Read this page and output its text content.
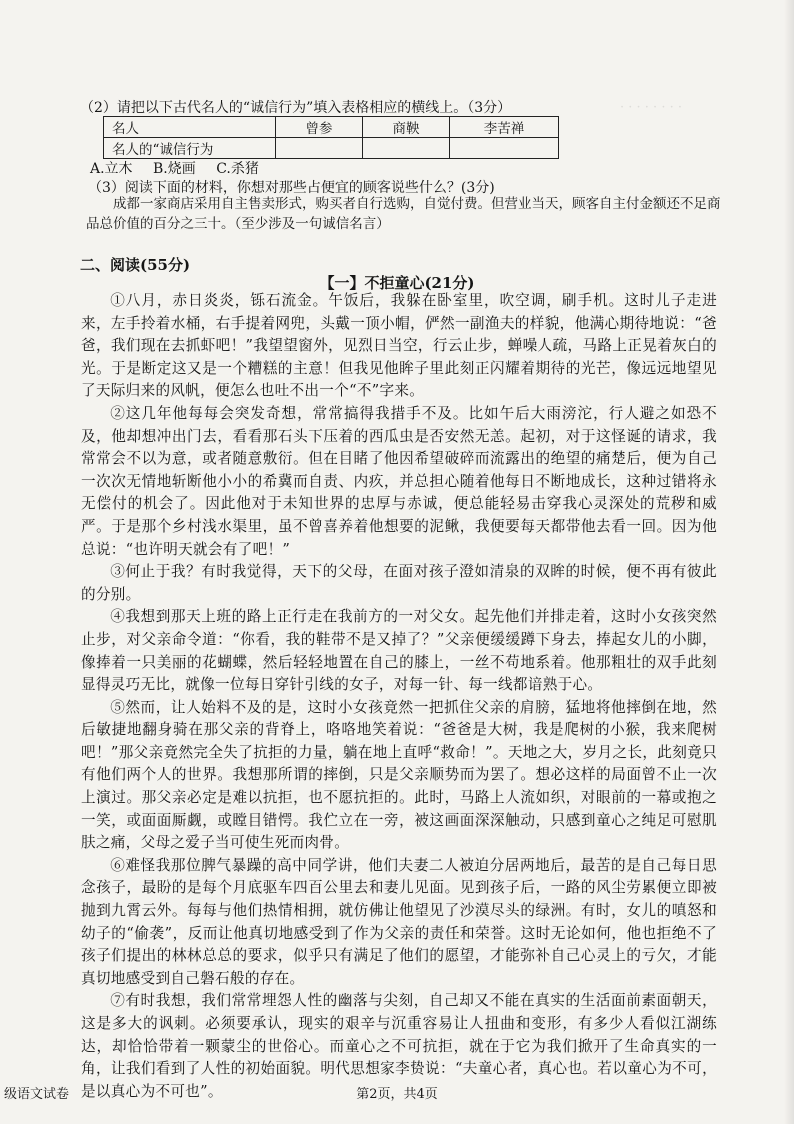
· · · · · · · ·
（2）请把以下古代名人的“诚信行为”填入表格相应的横线上。（3分）
名人	曾参	商鞅	李苦禅
名人的“诚信行为			
A.立木 B.烧画 C.杀猪
（3）阅读下面的材料，你想对那些占便宜的顾客说些什么？(3分)
成都一家商店采用自主售卖形式，购买者自行选购，自觉付费。但营业当天，顾客自主付金额还不足商品总价值的百分之三十。（至少涉及一句诚信名言）
二、阅读(55分)
【一】不拒童心(21分)

①八月，赤日炎炎，铄石流金。午饭后，我躲在卧室里，吹空调，刷手机。这时儿子走进来，左手拎着水桶，右手提着网兜，头戴一顶小帽，俨然一副渔夫的样貌，他满心期待地说：“爸爸，我们现在去抓虾吧！”我望望窗外，见烈日当空，行云止步，蝉噪人疏，马路上正晃着灰白的光。于是断定这又是一个糟糕的主意！但我见他眸子里此刻正闪耀着期待的光芒，像远远地望见了天际归来的风帆，便怎么也吐不出一个“不”字来。

②这几年他每每会突发奇想，常常搞得我措手不及。比如午后大雨滂沱，行人避之如恐不及，他却想冲出门去，看看那石头下压着的西瓜虫是否安然无恙。起初，对于这怪诞的请求，我常常会不以为意，或者随意敷衍。但在目睹了他因希望破碎而流露出的绝望的痛楚后，便为自己一次次无情地斩断他小小的希冀而自责、内疚，并总担心随着他每日不断地成长，这种过错将永无偿付的机会了。因此他对于未知世界的忠厚与赤诚，便总能轻易击穿我心灵深处的荒秽和威严。于是那个乡村浅水渠里，虽不曾喜养着他想要的泥鳅，我便要每天都带他去看一回。因为他总说：“也许明天就会有了吧！”

③何止于我？有时我觉得，天下的父母，在面对孩子澄如清泉的双眸的时候，便不再有彼此的分别。

④我想到那天上班的路上正行走在我前方的一对父女。起先他们并排走着，这时小女孩突然止步，对父亲命令道：“你看，我的鞋带不是又掉了？”父亲便缓缓蹲下身去，捧起女儿的小脚，像捧着一只美丽的花蝴蝶，然后轻轻地置在自己的膝上，一丝不苟地系着。他那粗壮的双手此刻显得灵巧无比，就像一位每日穿针引线的女子，对每一针、每一线都谙熟于心。

⑤然而，让人始料不及的是，这时小女孩竟然一把抓住父亲的肩膀，猛地将他摔倒在地，然后敏捷地翻身骑在那父亲的背脊上，咯咯地笑着说：“爸爸是大树，我是爬树的小猴，我来爬树吧！”那父亲竟然完全失了抗拒的力量，躺在地上直呼“救命！”。天地之大，岁月之长，此刻竟只有他们两个人的世界。我想那所谓的摔倒，只是父亲顺势而为罢了。想必这样的局面曾不止一次上演过。那父亲必定是难以抗拒，也不愿抗拒的。此时，马路上人流如织，对眼前的一幕或抱之一笑，或面面厮觑，或瞠目错愕。我伫立在一旁，被这画面深深触动，只感到童心之纯足可慰肌肤之痛，父母之爱子当可使生死而肉骨。

⑥难怪我那位脾气暴躁的高中同学讲，他们夫妻二人被迫分居两地后，最苦的是自己每日思念孩子，最盼的是每个月底驱车四百公里去和妻儿见面。见到孩子后，一路的风尘劳累便立即被抛到九霄云外。每每与他们热情相拥，就仿佛让他望见了沙漠尽头的绿洲。有时，女儿的嗔怒和幼子的“偷袭”，反而让他真切地感受到了作为父亲的责任和荣誉。这时无论如何，他也拒绝不了孩子们提出的林林总总的要求，似乎只有满足了他们的愿望，才能弥补自己心灵上的亏欠，才能真切地感受到自己磐石般的存在。

⑦有时我想，我们常常埋怨人性的幽落与尖刻，自己却又不能在真实的生活面前素面朝天，这是多大的讽刺。必须要承认，现实的艰辛与沉重容易让人扭曲和变形，有多少人看似江湖练达，却恰恰带着一颗蒙尘的世俗心。而童心之不可抗拒，就在于它为我们掀开了生命真实的一角，让我们看到了人性的初始面貌。明代思想家李贽说：“夫童心者，真心也。若以童心为不可，是以真心为不可也”。

级语文试卷	第2页，共4页
